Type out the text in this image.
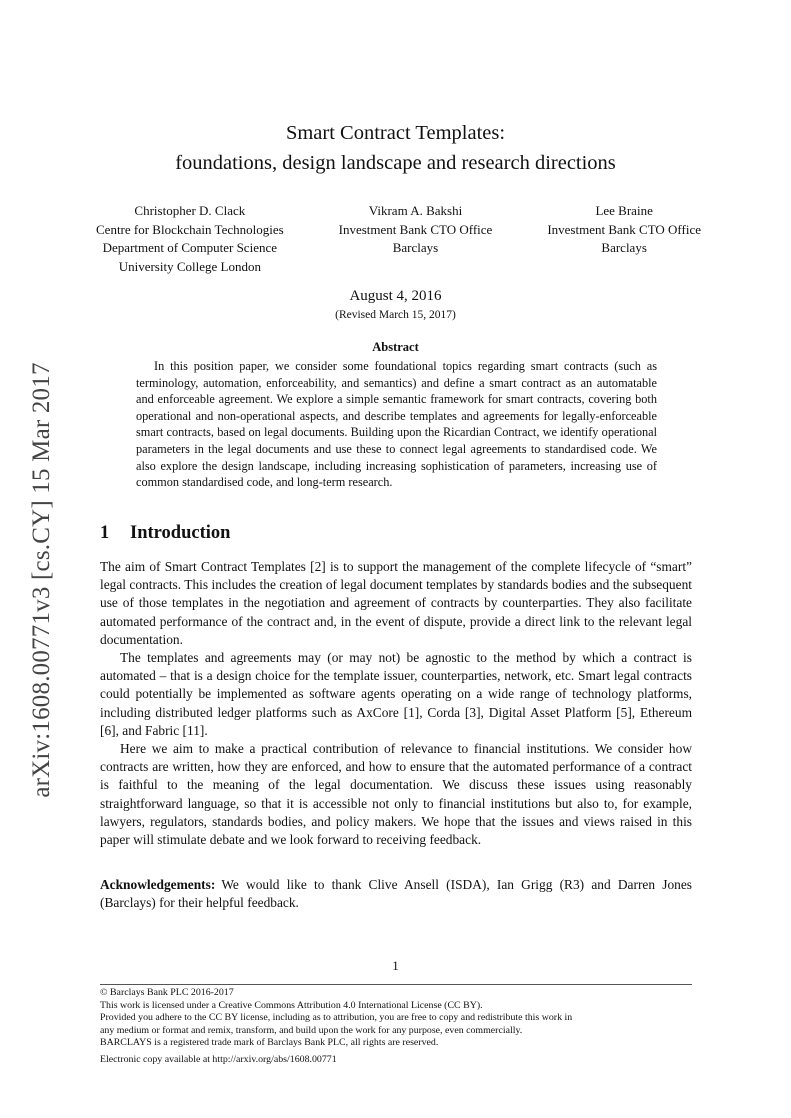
arXiv:1608.00771v3 [cs.CY] 15 Mar 2017
Smart Contract Templates:
foundations, design landscape and research directions
Christopher D. Clack
Centre for Blockchain Technologies
Department of Computer Science
University College London
Vikram A. Bakshi
Investment Bank CTO Office
Barclays
Lee Braine
Investment Bank CTO Office
Barclays
August 4, 2016
(Revised March 15, 2017)
Abstract
In this position paper, we consider some foundational topics regarding smart contracts (such as terminology, automation, enforceability, and semantics) and define a smart contract as an automatable and enforceable agreement. We explore a simple semantic framework for smart contracts, covering both operational and non-operational aspects, and describe templates and agreements for legally-enforceable smart contracts, based on legal documents. Building upon the Ricardian Contract, we identify operational parameters in the legal documents and use these to connect legal agreements to standardised code. We also explore the design landscape, including increasing sophistication of parameters, increasing use of common standardised code, and long-term research.
1 Introduction

The aim of Smart Contract Templates [2] is to support the management of the complete lifecycle of “smart” legal contracts. This includes the creation of legal document templates by standards bodies and the subsequent use of those templates in the negotiation and agreement of contracts by counterparties. They also facilitate automated performance of the contract and, in the event of dispute, provide a direct link to the relevant legal documentation.

The templates and agreements may (or may not) be agnostic to the method by which a contract is automated – that is a design choice for the template issuer, counterparties, network, etc. Smart legal contracts could potentially be implemented as software agents operating on a wide range of technology platforms, including distributed ledger platforms such as AxCore [1], Corda [3], Digital Asset Platform [5], Ethereum [6], and Fabric [11].

Here we aim to make a practical contribution of relevance to financial institutions. We consider how contracts are written, how they are enforced, and how to ensure that the automated performance of a contract is faithful to the meaning of the legal documentation. We discuss these issues using reasonably straightforward language, so that it is accessible not only to financial institutions but also to, for example, lawyers, regulators, standards bodies, and policy makers. We hope that the issues and views raised in this paper will stimulate debate and we look forward to receiving feedback.

Acknowledgements: We would like to thank Clive Ansell (ISDA), Ian Grigg (R3) and Darren Jones (Barclays) for their helpful feedback.
1
© Barclays Bank PLC 2016-2017
This work is licensed under a Creative Commons Attribution 4.0 International License (CC BY).
Provided you adhere to the CC BY license, including as to attribution, you are free to copy and redistribute this work in
any medium or format and remix, transform, and build upon the work for any purpose, even commercially.
BARCLAYS is a registered trade mark of Barclays Bank PLC, all rights are reserved.
Electronic copy available at http://arxiv.org/abs/1608.00771
